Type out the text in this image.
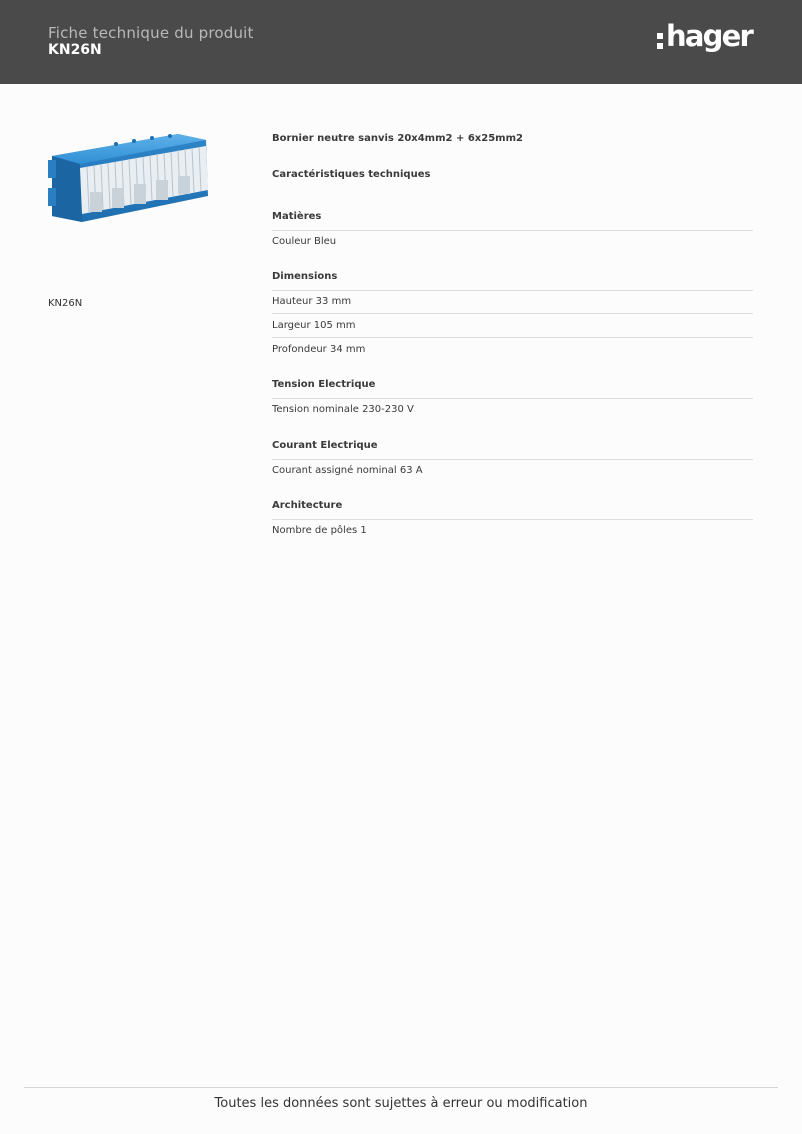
Fiche technique du produit
KN26N	hager
KN26N
Bornier neutre sanvis 20x4mm2 + 6x25mm2
Caractéristiques techniques
Matières
Couleur Bleu
Dimensions
Hauteur 33 mm
Largeur 105 mm
Profondeur 34 mm
Tension Electrique
Tension nominale 230-230 V
Courant Electrique
Courant assigné nominal 63 A
Architecture
Nombre de pôles 1
Toutes les données sont sujettes à erreur ou modification
